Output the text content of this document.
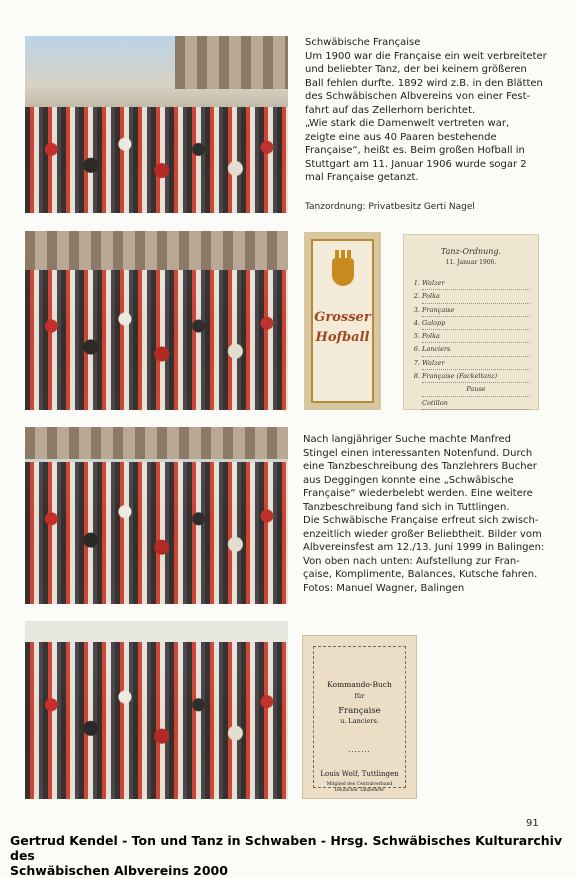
Schwäbische Française

Um 1900 war die Française ein weit verbreiteter

und beliebter Tanz, der bei keinem größeren

Ball fehlen durfte. 1892 wird z.B. in den Blätten

des Schwäbischen Albvereins von einer Fest-

fahrt auf das Zellerhorn berichtet.

„Wie stark die Damenwelt vertreten war,

zeigte eine aus 40 Paaren bestehende

Française“, heißt es. Beim großen Hofball in

Stuttgart am 11. Januar 1906 wurde sogar 2

mal Française getanzt.

Tanzordnung: Privatbesitz Gerti Nagel
Grosser
Hofball
Tanz-Ordnung.
11. Januar 1906.
1. Walzer
2. Polka
3. Française
4. Galopp
5. Polka
6. Lanciers
7. Walzer
8. Française (Fackeltanz)
Pause
Cotillon

Nach langjähriger Suche machte Manfred

Stingel einen interessanten Notenfund. Durch

eine Tanzbeschreibung des Tanzlehrers Bucher

aus Deggingen konnte eine „Schwäbische

Française“ wiederbelebt werden. Eine weitere

Tanzbeschreibung fand sich in Tuttlingen.

Die Schwäbische Française erfreut sich zwisch-

enzeitlich wieder großer Beliebtheit. Bilder vom

Albvereinsfest am 12./13. Juni 1999 in Balingen:

Von oben nach unten: Aufstellung zur Fran-

çaise, Komplimente, Balances, Kutsche fahren.

Fotos: Manuel Wagner, Balingen

Kommando-Buch
für
Française
u. Lanciers.
·······
Louis Wolf, Tuttlingen
Mitglied des Centralverband Deutscher Tanzlehrer
91
Gertrud Kendel - Ton und Tanz in Schwaben - Hrsg. Schwäbisches Kulturarchiv des
Schwäbischen Albvereins 2000
